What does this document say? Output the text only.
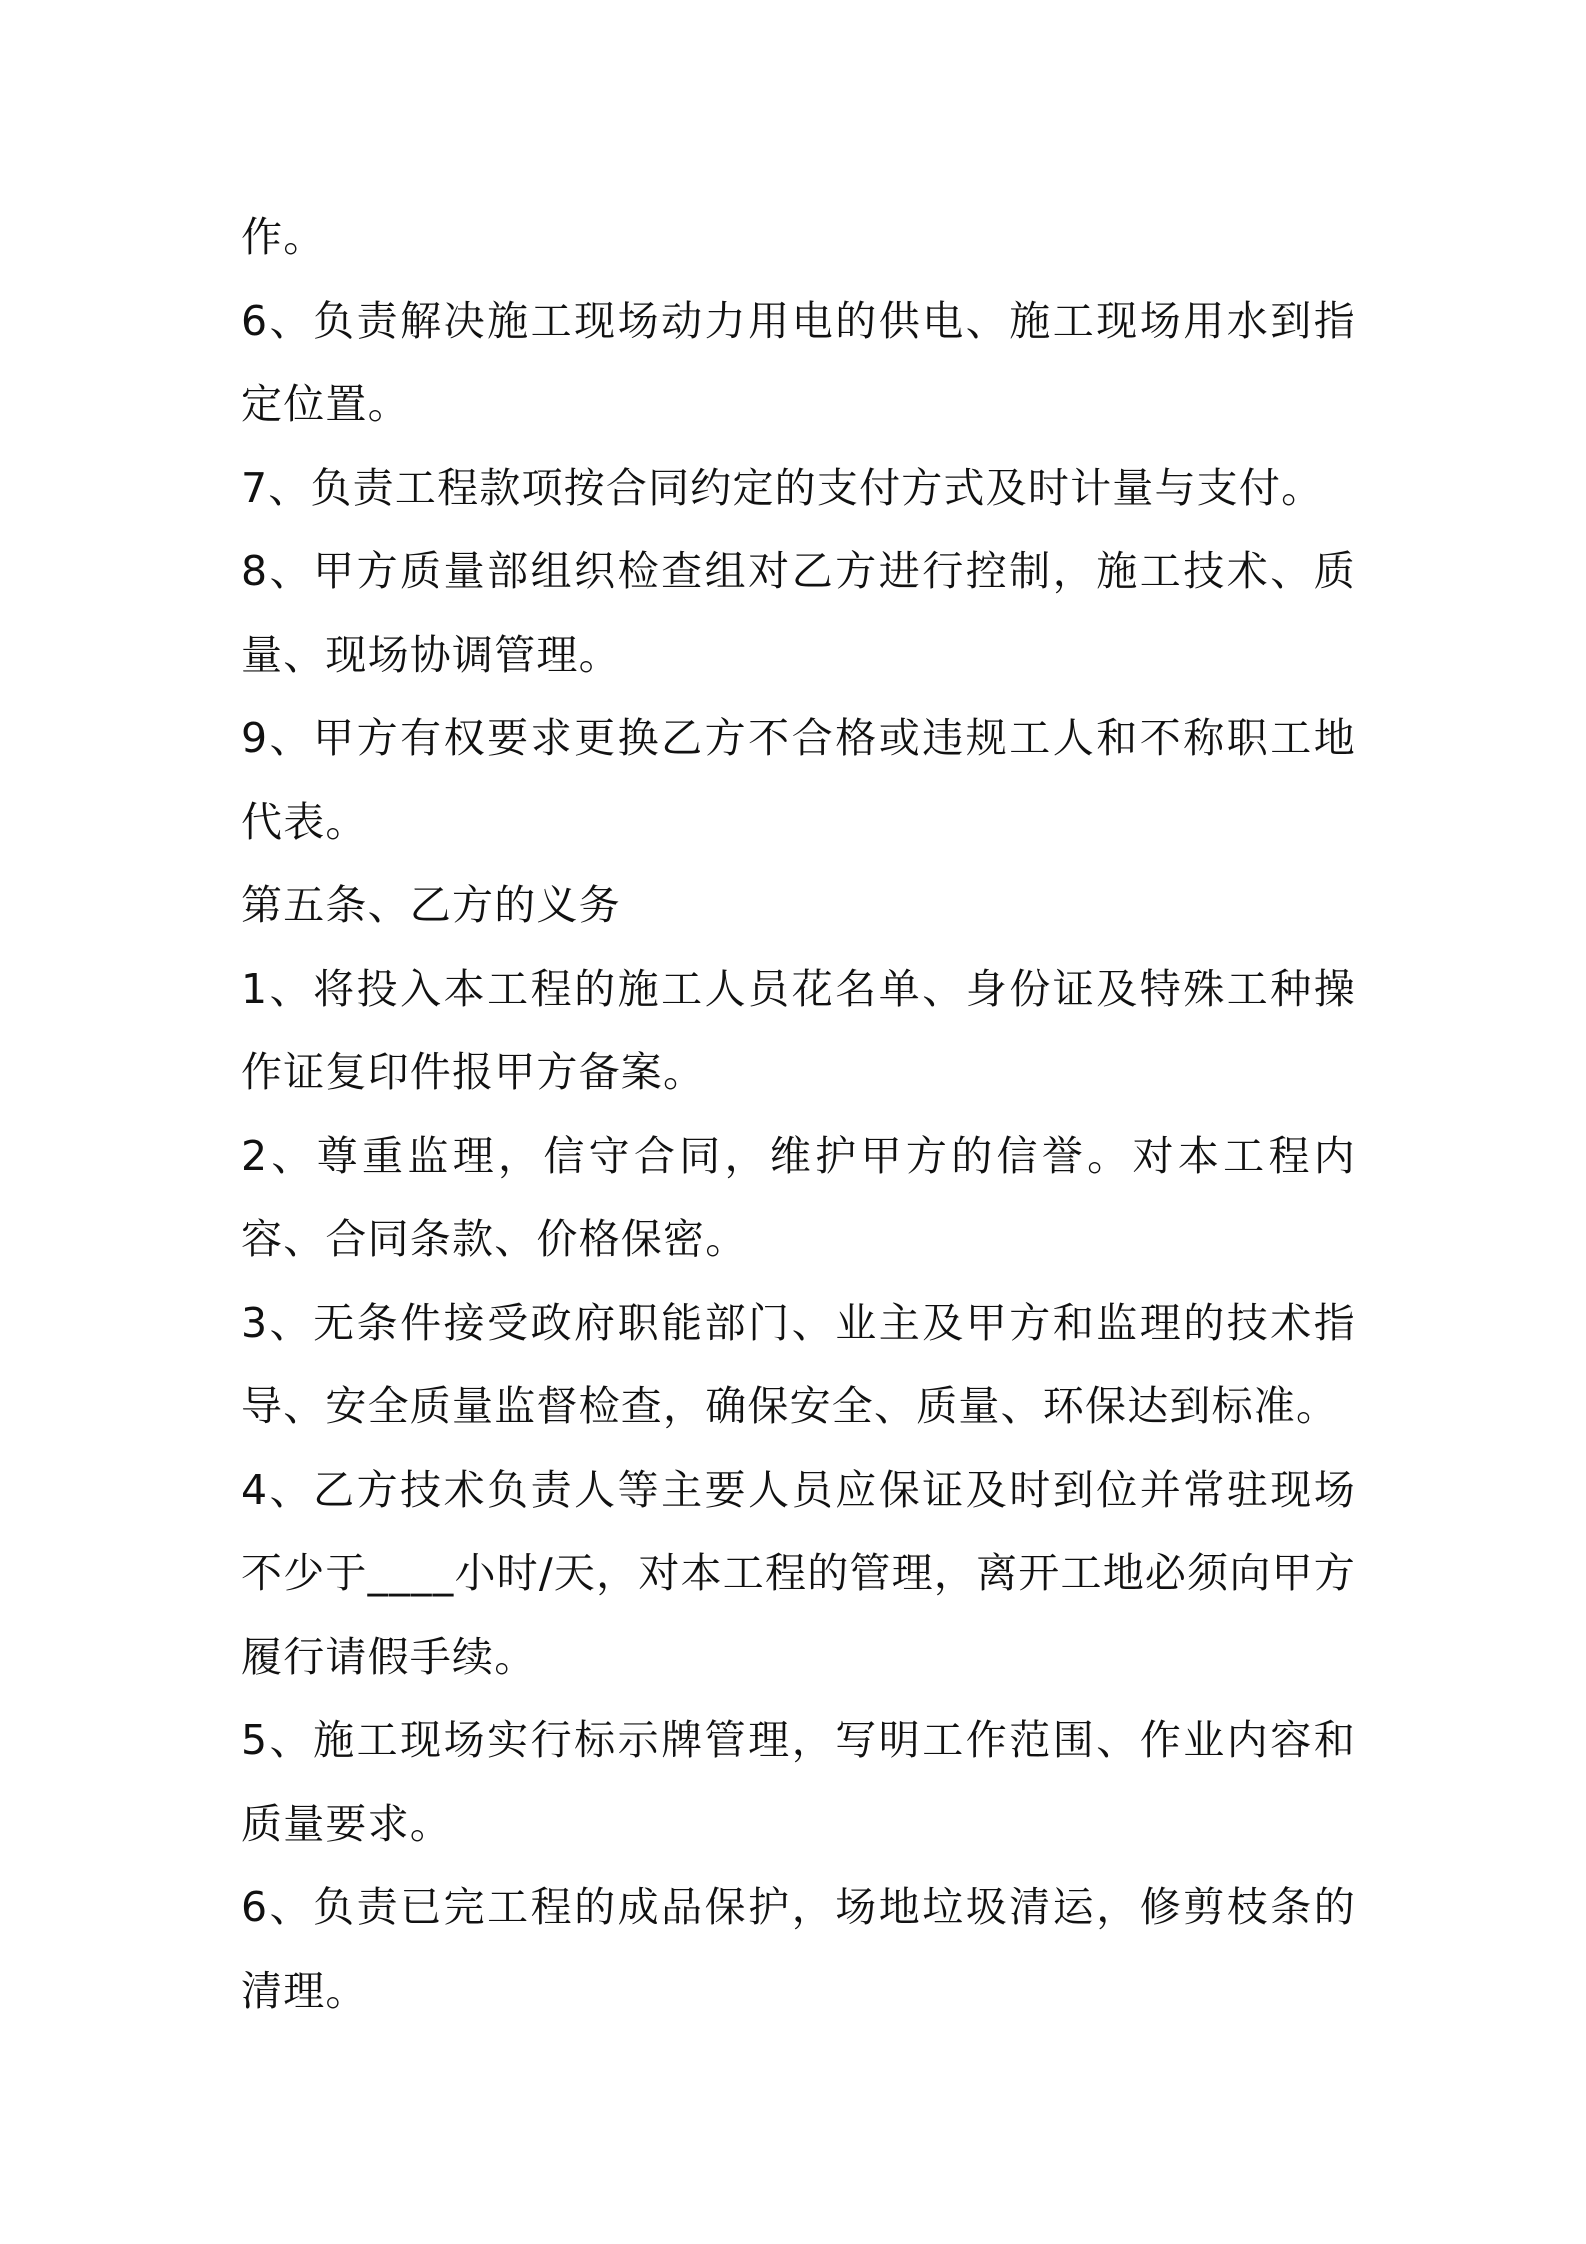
作。

6、负责解决施工现场动力用电的供电、施工现场用水到指定位置。

7、负责工程款项按合同约定的支付方式及时计量与支付。

8、甲方质量部组织检查组对乙方进行控制，施工技术、质量、现场协调管理。

9、甲方有权要求更换乙方不合格或违规工人和不称职工地代表。

第五条、乙方的义务

1、将投入本工程的施工人员花名单、身份证及特殊工种操作证复印件报甲方备案。

2、尊重监理，信守合同，维护甲方的信誉。对本工程内容、合同条款、价格保密。

3、无条件接受政府职能部门、业主及甲方和监理的技术指导、安全质量监督检查，确保安全、质量、环保达到标准。

4、乙方技术负责人等主要人员应保证及时到位并常驻现场不少于____小时/天，对本工程的管理，离开工地必须向甲方履行请假手续。

5、施工现场实行标示牌管理，写明工作范围、作业内容和质量要求。

6、负责已完工程的成品保护，场地垃圾清运，修剪枝条的清理。
